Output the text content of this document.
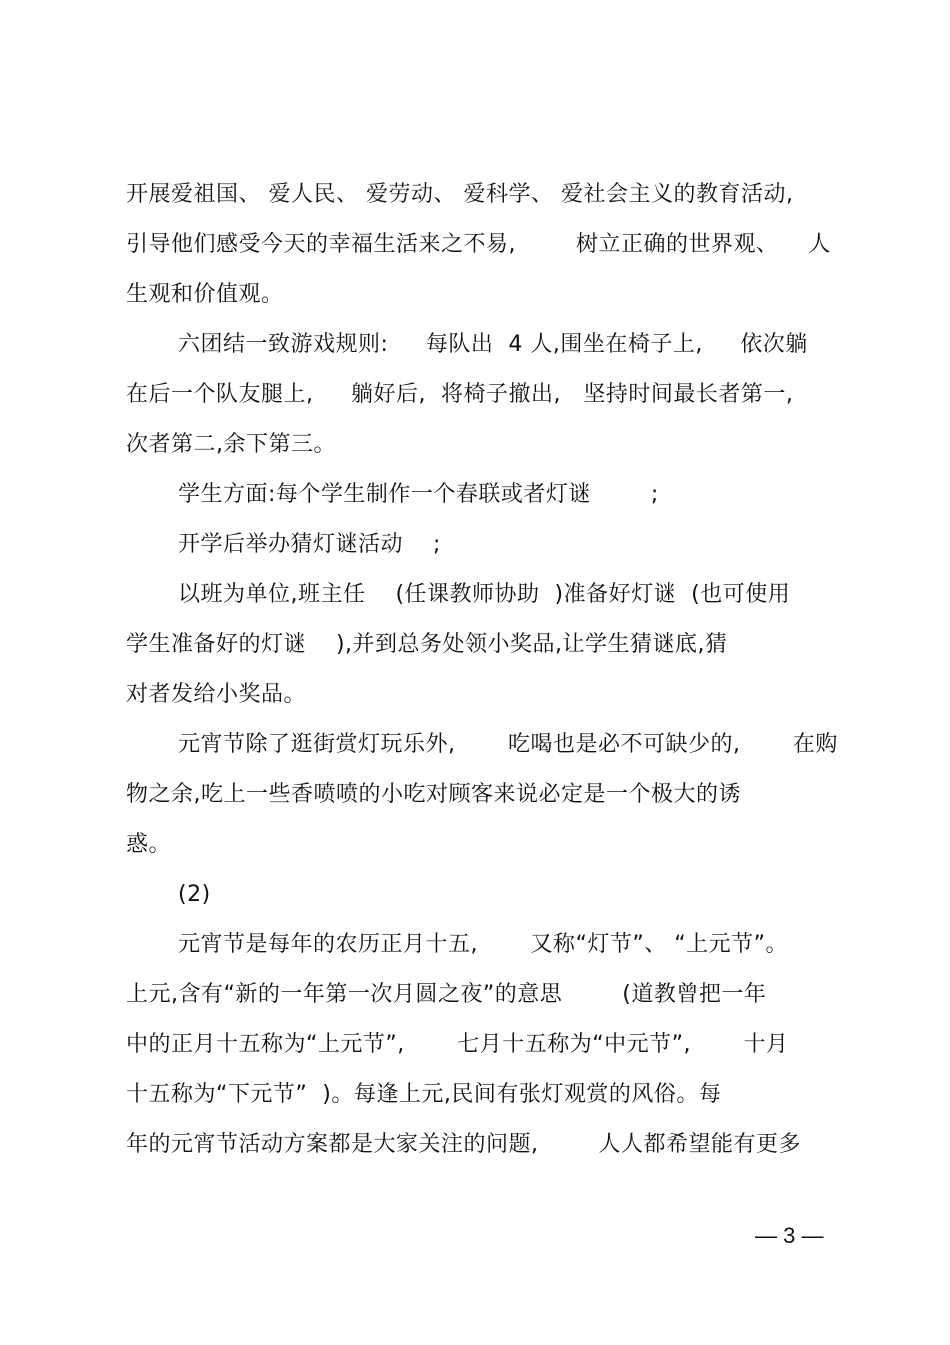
开展爱祖国、 爱人民、 爱劳动、 爱科学、 爱社会主义的教育活动,
引导他们感受今天的幸福生活来之不易,        树立正确的世界观、    人
生观和价值观。
六团结一致游戏规则:     每队出  4 人,围坐在椅子上,     依次躺
在后一个队友腿上,     躺好后,  将椅子撤出,   坚持时间最长者第一,
次者第二,余下第三。
学生方面:每个学生制作一个春联或者灯谜        ;
开学后举办猜灯谜活动    ;
以班为单位,班主任    (任课教师协助  )准备好灯谜  (也可使用
学生准备好的灯谜    ),并到总务处领小奖品,让学生猜谜底,猜
对者发给小奖品。
元宵节除了逛街赏灯玩乐外,       吃喝也是必不可缺少的,       在购
物之余,吃上一些香喷喷的小吃对顾客来说必定是一个极大的诱
惑。
(2)
元宵节是每年的农历正月十五,       又称“灯节”、 “上元节”。
上元,含有“新的一年第一次月圆之夜”的意思        (道教曾把一年
中的正月十五称为“上元节”,       七月十五称为“中元节”,       十月
十五称为“下元节”  )。每逢上元,民间有张灯观赏的风俗。每
年的元宵节活动方案都是大家关注的问题,        人人都希望能有更多
— 3 —
